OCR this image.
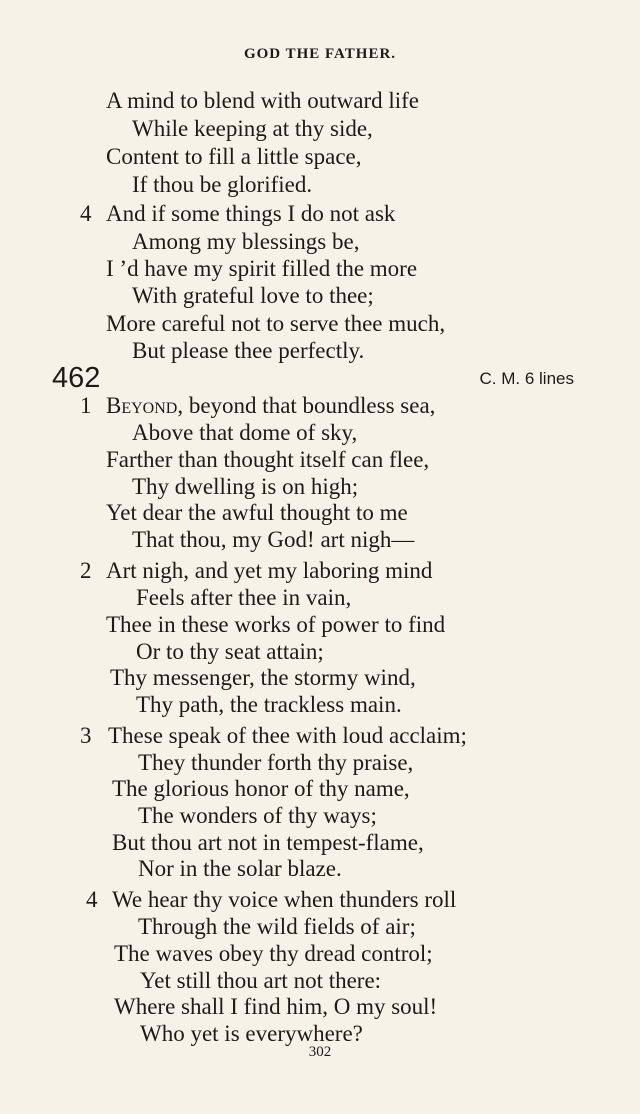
GOD THE FATHER.
A mind to blend with outward life
While keeping at thy side,
Content to fill a little space,
If thou be glorified.
4 And if some things I do not ask
Among my blessings be,
I ’d have my spirit filled the more
With grateful love to thee;
More careful not to serve thee much,
But please thee perfectly.
462	C. M. 6 lines
1 Beyond, beyond that boundless sea,
Above that dome of sky,
Farther than thought itself can flee,
Thy dwelling is on high;
Yet dear the awful thought to me
That thou, my God! art nigh—
2 Art nigh, and yet my laboring mind
Feels after thee in vain,
Thee in these works of power to find
Or to thy seat attain;
Thy messenger, the stormy wind,
Thy path, the trackless main.
3 These speak of thee with loud acclaim;
They thunder forth thy praise,
The glorious honor of thy name,
The wonders of thy ways;
But thou art not in tempest-flame,
Nor in the solar blaze.
4 We hear thy voice when thunders roll
Through the wild fields of air;
The waves obey thy dread control;
Yet still thou art not there:
Where shall I find him, O my soul!
Who yet is everywhere?
302
